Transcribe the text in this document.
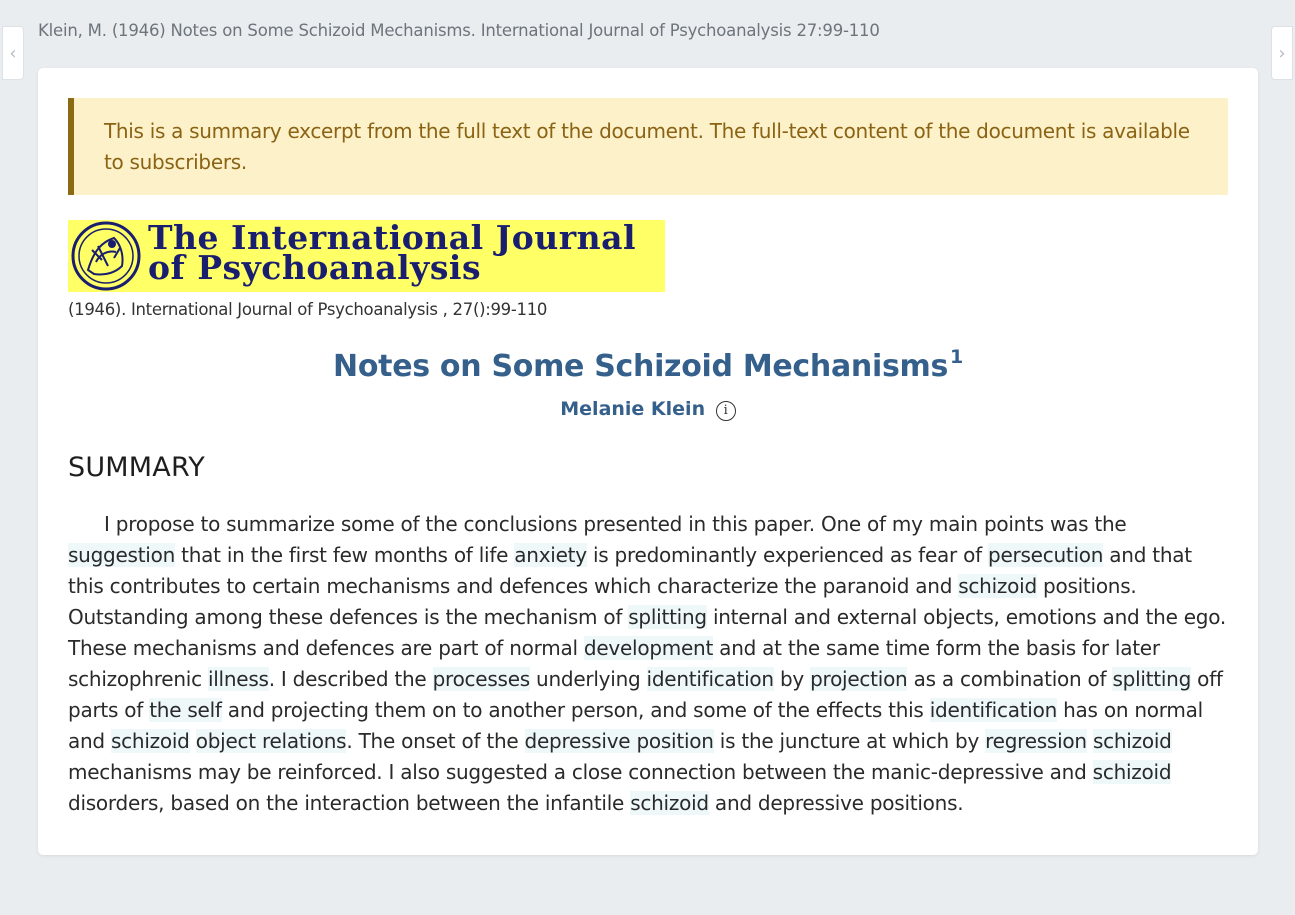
‹	›
Klein, M. (1946) Notes on Some Schizoid Mechanisms. International Journal of Psychoanalysis 27:99-110
This is a summary excerpt from the full text of the document. The full-text content of the document is available to subscribers.
The International Journal
of Psychoanalysis
(1946). International Journal of Psychoanalysis , 27():99-110
Notes on Some Schizoid Mechanisms $^1$
Melanie Klein i
SUMMARY

I propose to summarize some of the conclusions presented in this paper. One of my main points was the suggestion that in the first few months of life anxiety is predominantly experienced as fear of persecution and that this contributes to certain mechanisms and defences which characterize the paranoid and schizoid positions. Outstanding among these defences is the mechanism of splitting internal and external objects, emotions and the ego. These mechanisms and defences are part of normal development and at the same time form the basis for later schizophrenic illness. I described the processes underlying identification by projection as a combination of splitting off parts of the self and projecting them on to another person, and some of the effects this identification has on normal and schizoid object relations. The onset of the depressive position is the juncture at which by regression schizoid mechanisms may be reinforced. I also suggested a close connection between the manic-depressive and schizoid disorders, based on the interaction between the infantile schizoid and depressive positions.
